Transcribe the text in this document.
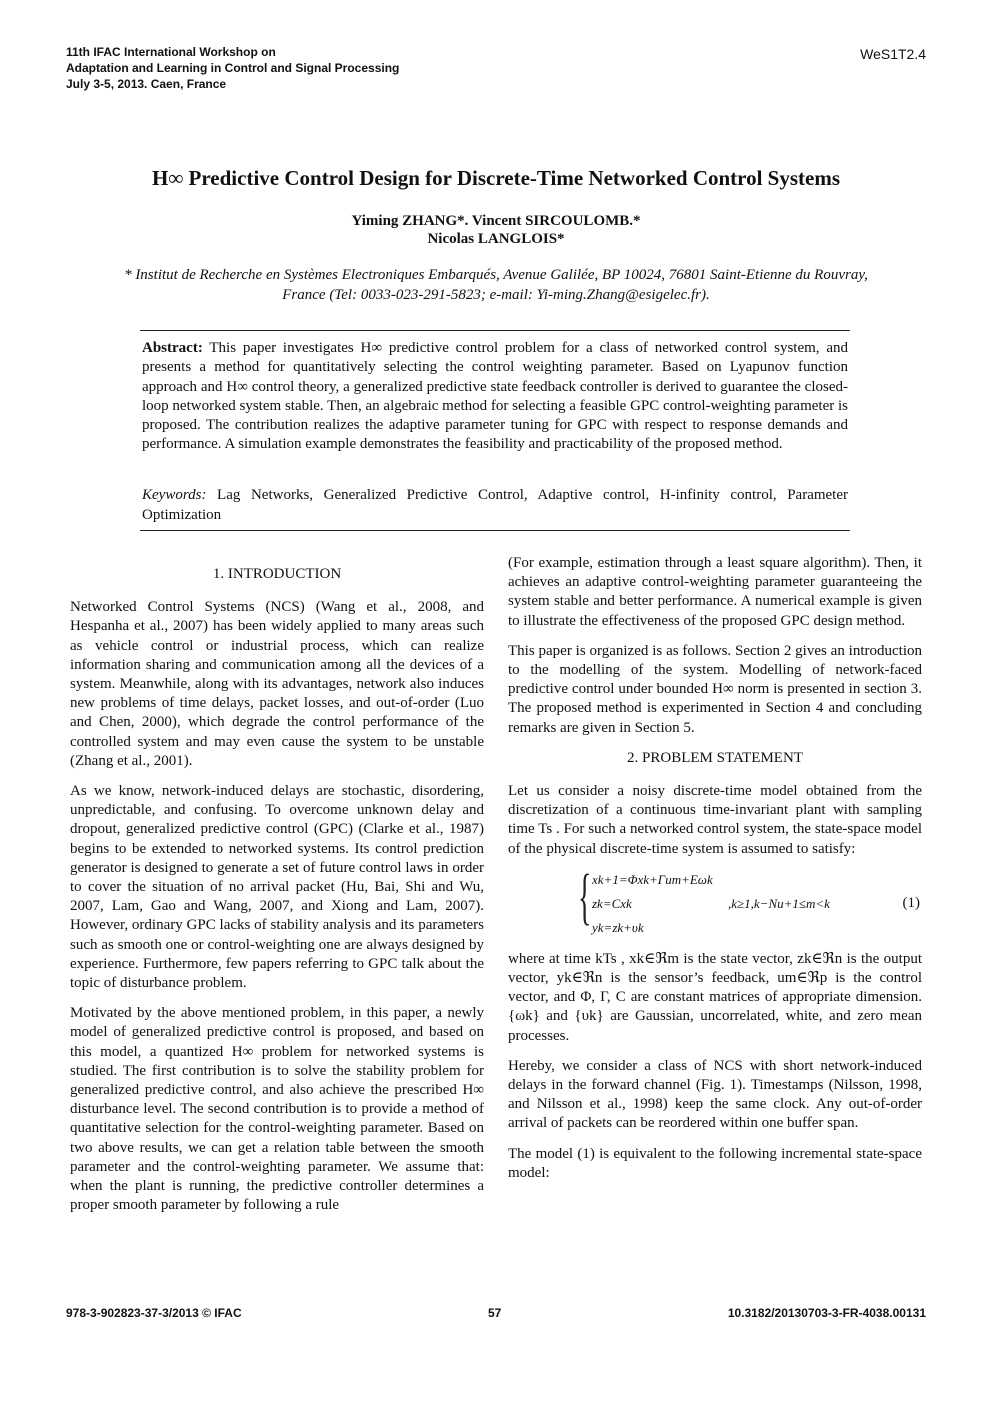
11th IFAC International Workshop on
Adaptation and Learning in Control and Signal Processing
July 3-5, 2013. Caen, France
WeS1T2.4
H∞ Predictive Control Design for Discrete-Time Networked Control Systems
Yiming ZHANG*. Vincent SIRCOULOMB.*
Nicolas LANGLOIS*
* Institut de Recherche en Systèmes Electroniques Embarqués, Avenue Galilée, BP 10024, 76801 Saint-Etienne du Rouvray,
France (Tel: 0033-023-291-5823; e-mail: Yi-ming.Zhang@esigelec.fr).

Abstract: This paper investigates H∞ predictive control problem for a class of networked control system, and presents a method for quantitatively selecting the control weighting parameter. Based on Lyapunov function approach and H∞ control theory, a generalized predictive state feedback controller is derived to guarantee the closed-loop networked system stable. Then, an algebraic method for selecting a feasible GPC control-weighting parameter is proposed. The contribution realizes the adaptive parameter tuning for GPC with respect to response demands and performance. A simulation example demonstrates the feasibility and practicability of the proposed method.

Keywords: Lag Networks, Generalized Predictive Control, Adaptive control, H-infinity control, Parameter Optimization
1. INTRODUCTION

Networked Control Systems (NCS) (Wang et al., 2008, and Hespanha et al., 2007) has been widely applied to many areas such as vehicle control or industrial process, which can realize information sharing and communication among all the devices of a system. Meanwhile, along with its advantages, network also induces new problems of time delays, packet losses, and out-of-order (Luo and Chen, 2000), which degrade the control performance of the controlled system and may even cause the system to be unstable (Zhang et al., 2001).

As we know, network-induced delays are stochastic, disordering, unpredictable, and confusing. To overcome unknown delay and dropout, generalized predictive control (GPC) (Clarke et al., 1987) begins to be extended to networked systems. Its control prediction generator is designed to generate a set of future control laws in order to cover the situation of no arrival packet (Hu, Bai, Shi and Wu, 2007, Lam, Gao and Wang, 2007, and Xiong and Lam, 2007). However, ordinary GPC lacks of stability analysis and its parameters such as smooth one or control-weighting one are always designed by experience. Furthermore, few papers referring to GPC talk about the topic of disturbance problem.

Motivated by the above mentioned problem, in this paper, a newly model of generalized predictive control is proposed, and based on this model, a quantized H∞ problem for networked systems is studied. The first contribution is to solve the stability problem for generalized predictive control, and also achieve the prescribed H∞ disturbance level. The second contribution is to provide a method of quantitative selection for the control-weighting parameter. Based on two above results, we can get a relation table between the smooth parameter and the control-weighting parameter. We assume that: when the plant is running, the predictive controller determines a proper smooth parameter by following a rule

(For example, estimation through a least square algorithm). Then, it achieves an adaptive control-weighting parameter guaranteeing the system stable and better performance. A numerical example is given to illustrate the effectiveness of the proposed GPC design method.

This paper is organized is as follows. Section 2 gives an introduction to the modelling of the system. Modelling of network-faced predictive control under bounded H∞ norm is presented in section 3. The proposed method is experimented in Section 4 and concluding remarks are given in Section 5.

2. PROBLEM STATEMENT

Let us consider a noisy discrete-time model obtained from the discretization of a continuous time-invariant plant with sampling time Ts . For such a networked control system, the state-space model of the physical discrete-time system is assumed to satisfy:

{ xk+1=Φxk+Γum+Eωk
zk=Cxk
yk=zk+υk
,k≥1,k−Nu+1≤m<k	(1)

where at time kTs , xk∈ℜm is the state vector, zk∈ℜn is the output vector, yk∈ℜn is the sensor’s feedback, um∈ℜp is the control vector, and Φ, Γ, C are constant matrices of appropriate dimension. {ωk} and {υk} are Gaussian, uncorrelated, white, and zero mean processes.

Hereby, we consider a class of NCS with short network-induced delays in the forward channel (Fig. 1). Timestamps (Nilsson, 1998, and Nilsson et al., 1998) keep the same clock. Any out-of-order arrival of packets can be reordered within one buffer span.

The model (1) is equivalent to the following incremental state-space model:

978-3-902823-37-3/2013 © IFAC	57	10.3182/20130703-3-FR-4038.00131
